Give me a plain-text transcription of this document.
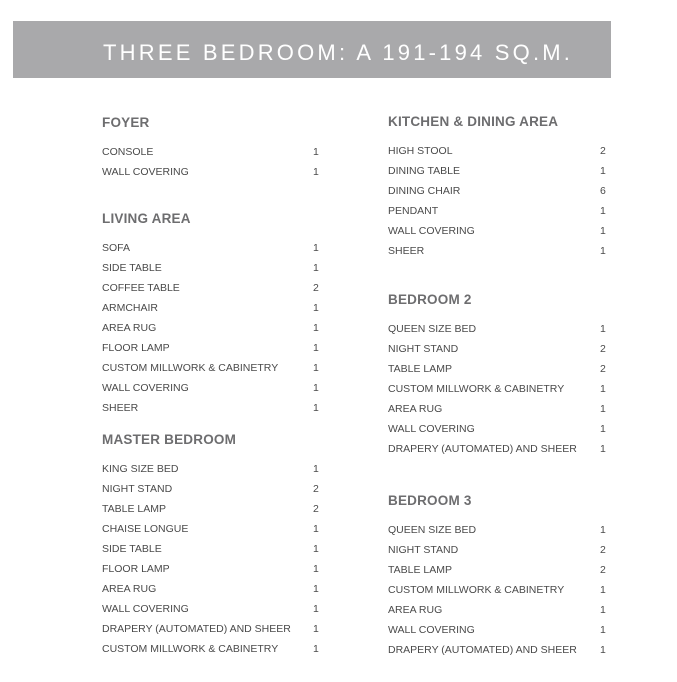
THREE BEDROOM: A 191-194 SQ.M.
FOYER
CONSOLE	1
WALL COVERING	1
LIVING AREA
SOFA	1
SIDE TABLE	1
COFFEE TABLE	2
ARMCHAIR	1
AREA RUG	1
FLOOR LAMP	1
CUSTOM MILLWORK & CABINETRY	1
WALL COVERING	1
SHEER	1
MASTER BEDROOM
KING SIZE BED	1
NIGHT STAND	2
TABLE LAMP	2
CHAISE LONGUE	1
SIDE TABLE	1
FLOOR LAMP	1
AREA RUG	1
WALL COVERING	1
DRAPERY (AUTOMATED) AND SHEER 1
CUSTOM MILLWORK & CABINETRY	1
KITCHEN & DINING AREA
HIGH STOOL	2
DINING TABLE	1
DINING CHAIR	6
PENDANT	1
WALL COVERING	1
SHEER	1
BEDROOM 2
QUEEN SIZE BED	1
NIGHT STAND	2
TABLE LAMP	2
CUSTOM MILLWORK & CABINETRY	1
AREA RUG	1
WALL COVERING	1
DRAPERY (AUTOMATED) AND SHEER 1
BEDROOM 3
QUEEN SIZE BED	1
NIGHT STAND	2
TABLE LAMP	2
CUSTOM MILLWORK & CABINETRY	1
AREA RUG	1
WALL COVERING	1
DRAPERY (AUTOMATED) AND SHEER 1
